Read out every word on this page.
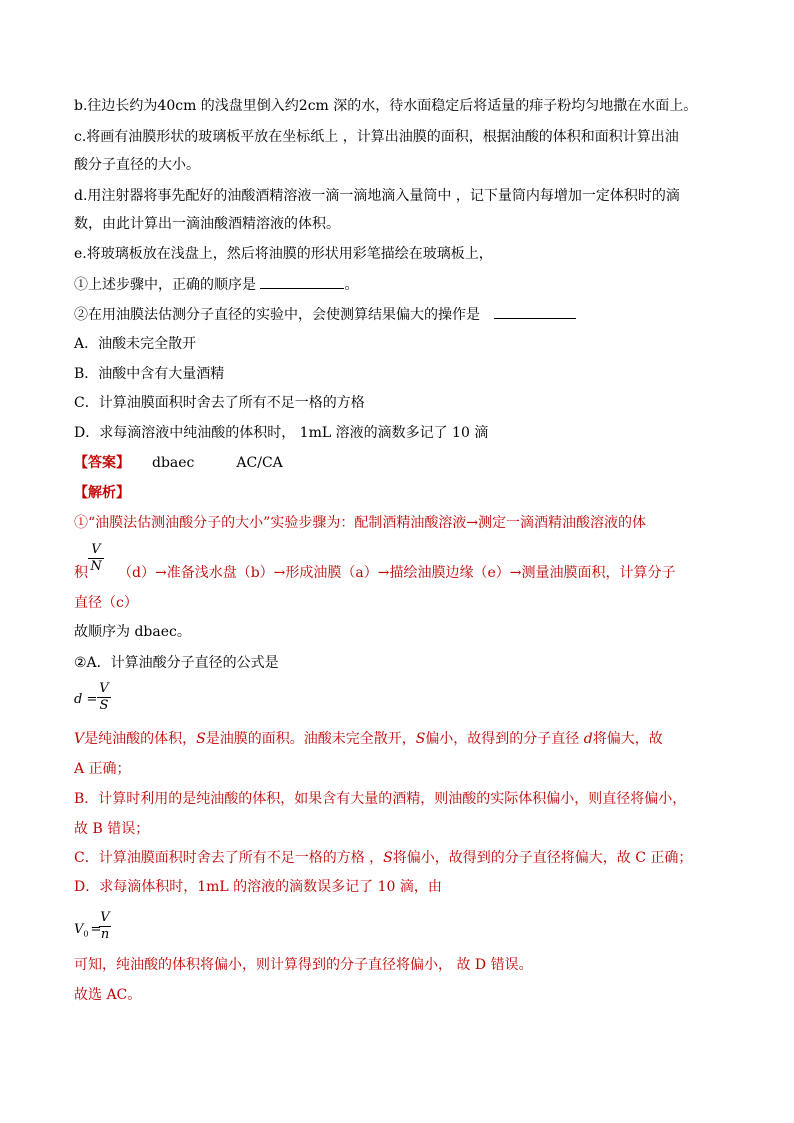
b.往边长约为40cm 的浅盘里倒入约2cm 深的水，待水面稳定后将适量的痱子粉均匀地撒在水面上。
c.将画有油膜形状的玻璃板平放在坐标纸上 ，计算出油膜的面积，根据油酸的体积和面积计算出油
酸分子直径的大小。
d.用注射器将事先配好的油酸酒精溶液一滴一滴地滴入量筒中 ，记下量筒内每增加一定体积时的滴
数，由此计算出一滴油酸酒精溶液的体积。
e.将玻璃板放在浅盘上，然后将油膜的形状用彩笔描绘在玻璃板上，
①上述步骤中，正确的顺序是	。
②在用油膜法估测分子直径的实验中，会使测算结果偏大的操作是
A．油酸未完全散开
B．油酸中含有大量酒精
C．计算油膜面积时舍去了所有不足一格的方格
D．求每滴溶液中纯油酸的体积时， 1mL 溶液的滴数多记了 10 滴
【答案】 dbaec	AC/CA
【解析】
①“油膜法估测油酸分子的大小”实验步骤为：配制酒精油酸溶液→测定一滴酒精油酸溶液的体
V
N
积 （d）→准备浅水盘（b）→形成油膜（a）→描绘油膜边缘（e）→测量油膜面积，计算分子
直径（c）
故顺序为 dbaec。
②A．计算油酸分子直径的公式是
d =
V
S
V是纯油酸的体积，S是油膜的面积。油酸未完全散开，S偏小，故得到的分子直径 d将偏大，故
A 正确；
B．计算时利用的是纯油酸的体积，如果含有大量的酒精，则油酸的实际体积偏小，则直径将偏小，
故 B 错误；
C．计算油膜面积时舍去了所有不足一格的方格 ，S将偏小，故得到的分子直径将偏大，故 C 正确；
D．求每滴体积时，1mL 的溶液的滴数误多记了 10 滴，由
$V_0$ =
V
n
可知，纯油酸的体积将偏小，则计算得到的分子直径将偏小， 故 D 错误。
故选 AC。
